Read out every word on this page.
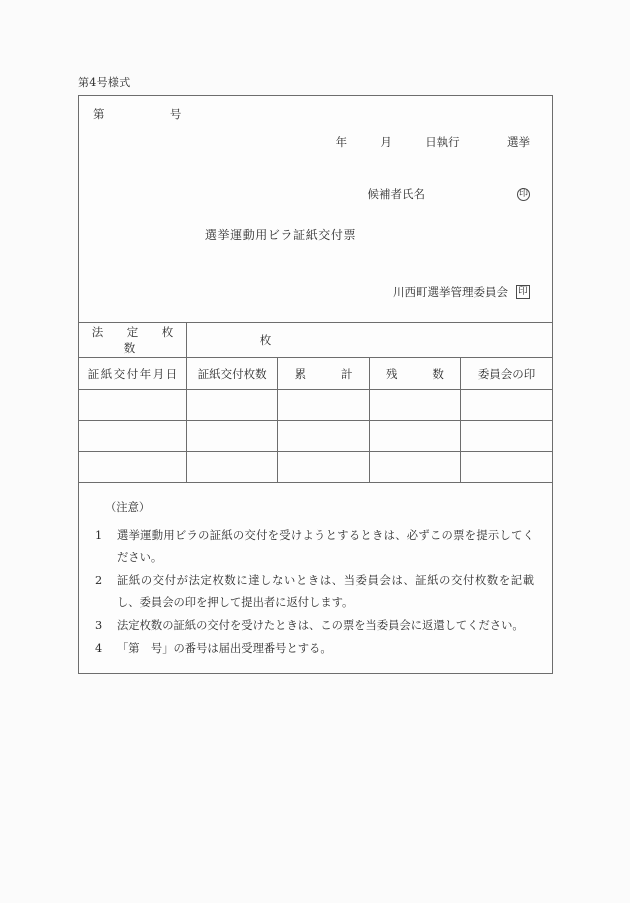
第4号様式
第	号
年	月	日執行	選挙
候補者氏名	印
選挙運動用ビラ証紙交付票
川西町選挙管理委員会 印
法　定　枚　数	枚			

証紙交付年月日	証紙交付枚数	累　　計	残　　数	委員会の印

（注意）
1	選挙運動用ビラの証紙の交付を受けようとするときは、必ずこの票を提示してください。
2	証紙の交付が法定枚数に達しないときは、当委員会は、証紙の交付枚数を記載し、委員会の印を押して提出者に返付します。
3	法定枚数の証紙の交付を受けたときは、この票を当委員会に返還してください。
4	「第　号」の番号は届出受理番号とする。
